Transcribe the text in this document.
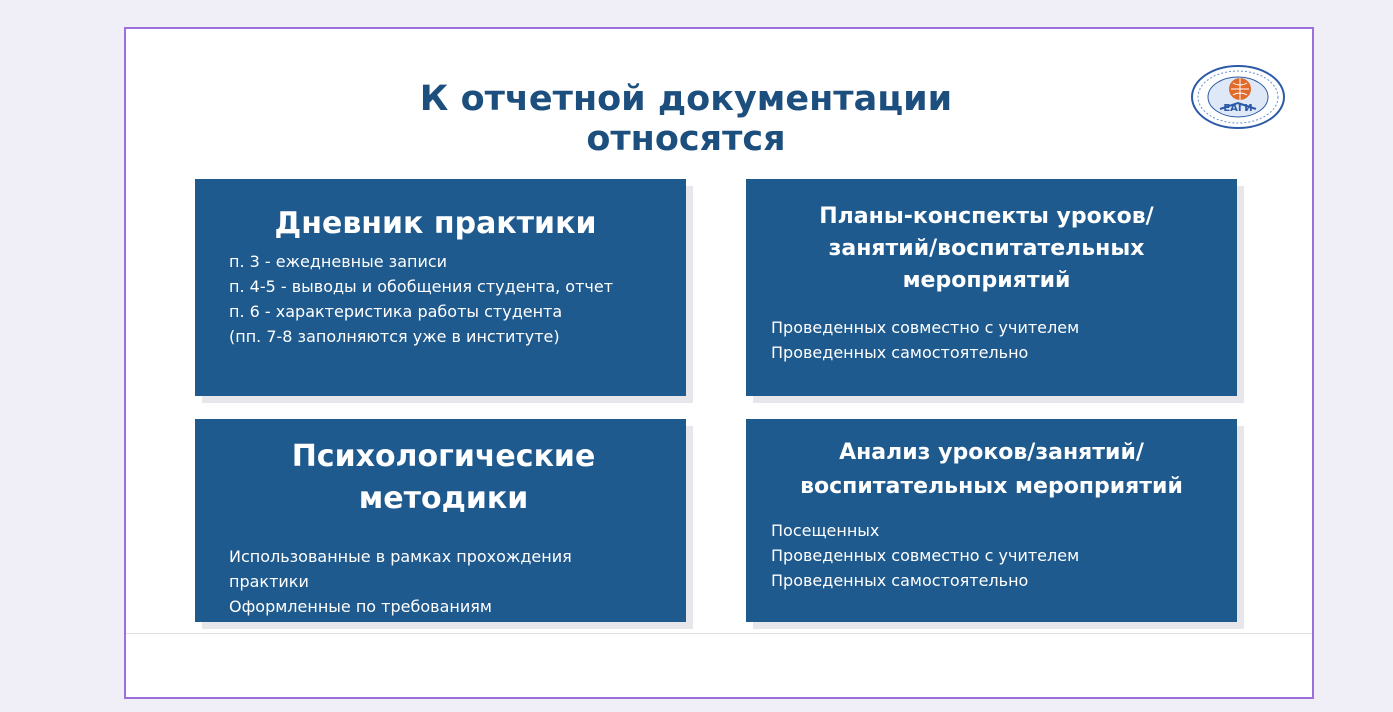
К отчетной документации
относятся
ЕАГИ
Дневник практики
п. 3 - ежедневные записи
п. 4-5 - выводы и обобщения студента, отчет
п. 6 - характеристика работы студента
(пп. 7-8 заполняются уже в институте)
Планы-конспекты уроков/
занятий/воспитательных
мероприятий
Проведенных совместно с учителем
Проведенных самостоятельно
Психологические
методики
Использованные в рамках прохождения
практики
Оформленные по требованиям
Анализ уроков/занятий/
воспитательных мероприятий
Посещенных
Проведенных совместно с учителем
Проведенных самостоятельно
